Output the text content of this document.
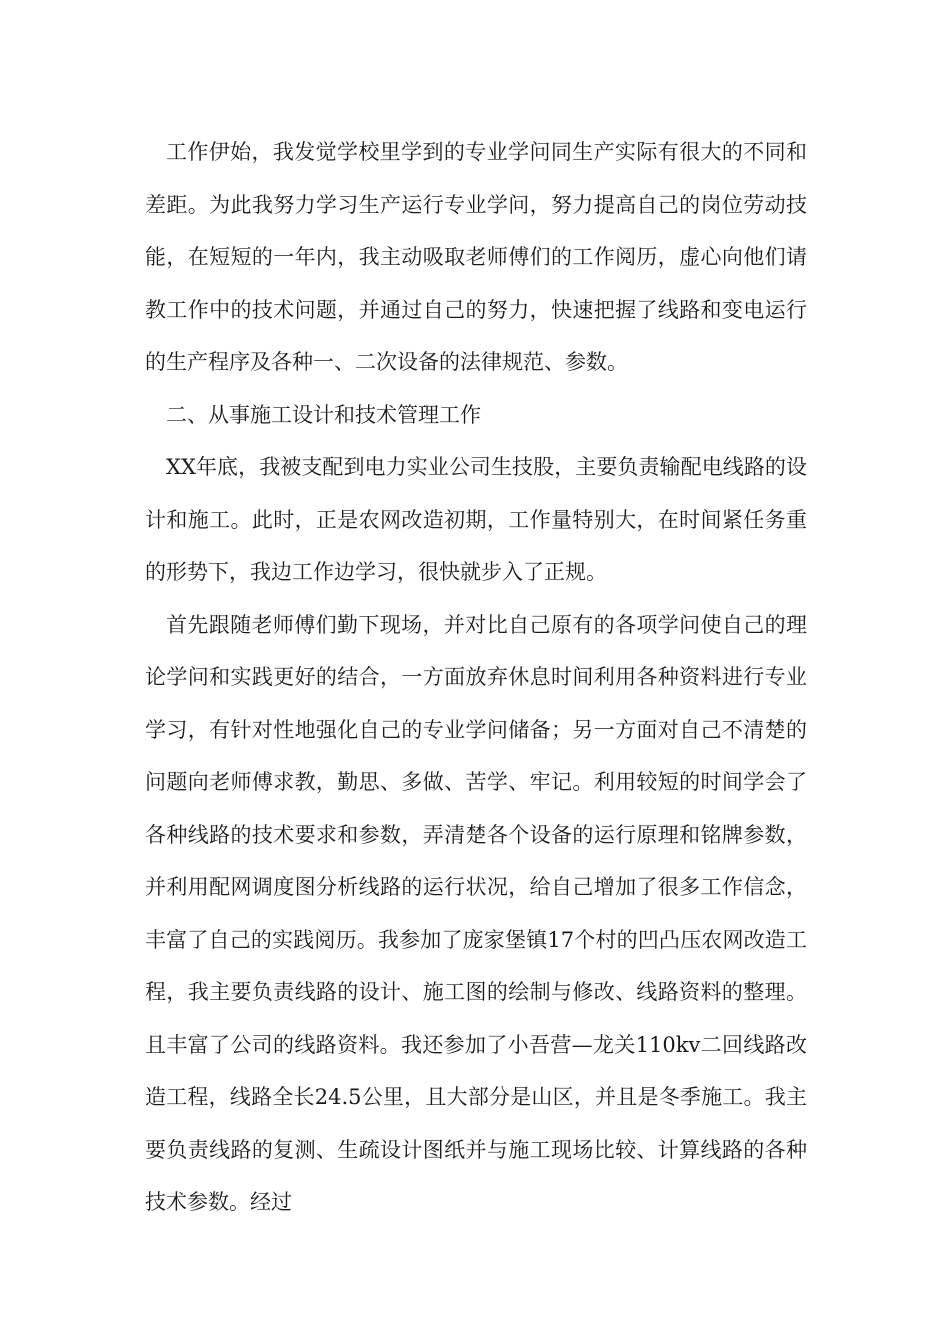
工作伊始，我发觉学校里学到的专业学问同生产实际有很大的不同和差距。为此我努力学习生产运行专业学问，努力提高自己的岗位劳动技能，在短短的一年内，我主动吸取老师傅们的工作阅历，虚心向他们请教工作中的技术问题，并通过自己的努力，快速把握了线路和变电运行的生产程序及各种一、二次设备的法律规范、参数。

二、从事施工设计和技术管理工作

XX年底，我被支配到电力实业公司生技股，主要负责输配电线路的设计和施工。此时，正是农网改造初期，工作量特别大，在时间紧任务重的形势下，我边工作边学习，很快就步入了正规。

首先跟随老师傅们勤下现场，并对比自己原有的各项学问使自己的理论学问和实践更好的结合，一方面放弃休息时间利用各种资料进行专业学习，有针对性地强化自己的专业学问储备；另一方面对自己不清楚的问题向老师傅求教，勤思、多做、苦学、牢记。利用较短的时间学会了各种线路的技术要求和参数，弄清楚各个设备的运行原理和铭牌参数，并利用配网调度图分析线路的运行状况，给自己增加了很多工作信念，丰富了自己的实践阅历。我参加了庞家堡镇17个村的凹凸压农网改造工程，我主要负责线路的设计、施工图的绘制与修改、线路资料的整理。且丰富了公司的线路资料。我还参加了小吾营—龙关110kv二回线路改造工程，线路全长24.5公里，且大部分是山区，并且是冬季施工。我主要负责线路的复测、生疏设计图纸并与施工现场比较、计算线路的各种技术参数。经过
